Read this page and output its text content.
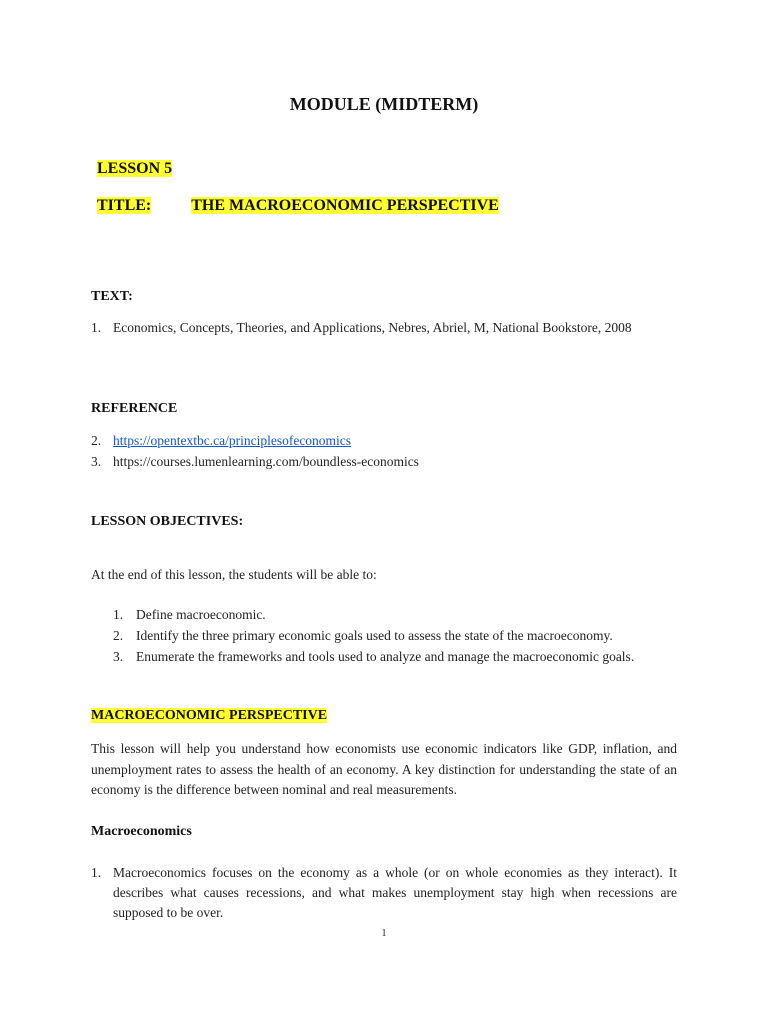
MODULE (MIDTERM)
LESSON 5
TITLE:	THE MACROECONOMIC PERSPECTIVE
TEXT:
1. Economics, Concepts, Theories, and Applications, Nebres, Abriel, M, National Bookstore, 2008
REFERENCE
2. https://opentextbc.ca/principlesofeconomics
3. https://courses.lumenlearning.com/boundless-economics
LESSON OBJECTIVES:
At the end of this lesson, the students will be able to:
1. Define macroeconomic.
2. Identify the three primary economic goals used to assess the state of the macroeconomy.
3. Enumerate the frameworks and tools used to analyze and manage the macroeconomic goals.
MACROECONOMIC PERSPECTIVE
This lesson will help you understand how economists use economic indicators like GDP, inflation, and unemployment rates to assess the health of an economy. A key distinction for understanding the state of an economy is the difference between nominal and real measurements.
Macroeconomics
1. Macroeconomics focuses on the economy as a whole (or on whole economies as they interact). It describes what causes recessions, and what makes unemployment stay high when recessions are supposed to be over.
1
